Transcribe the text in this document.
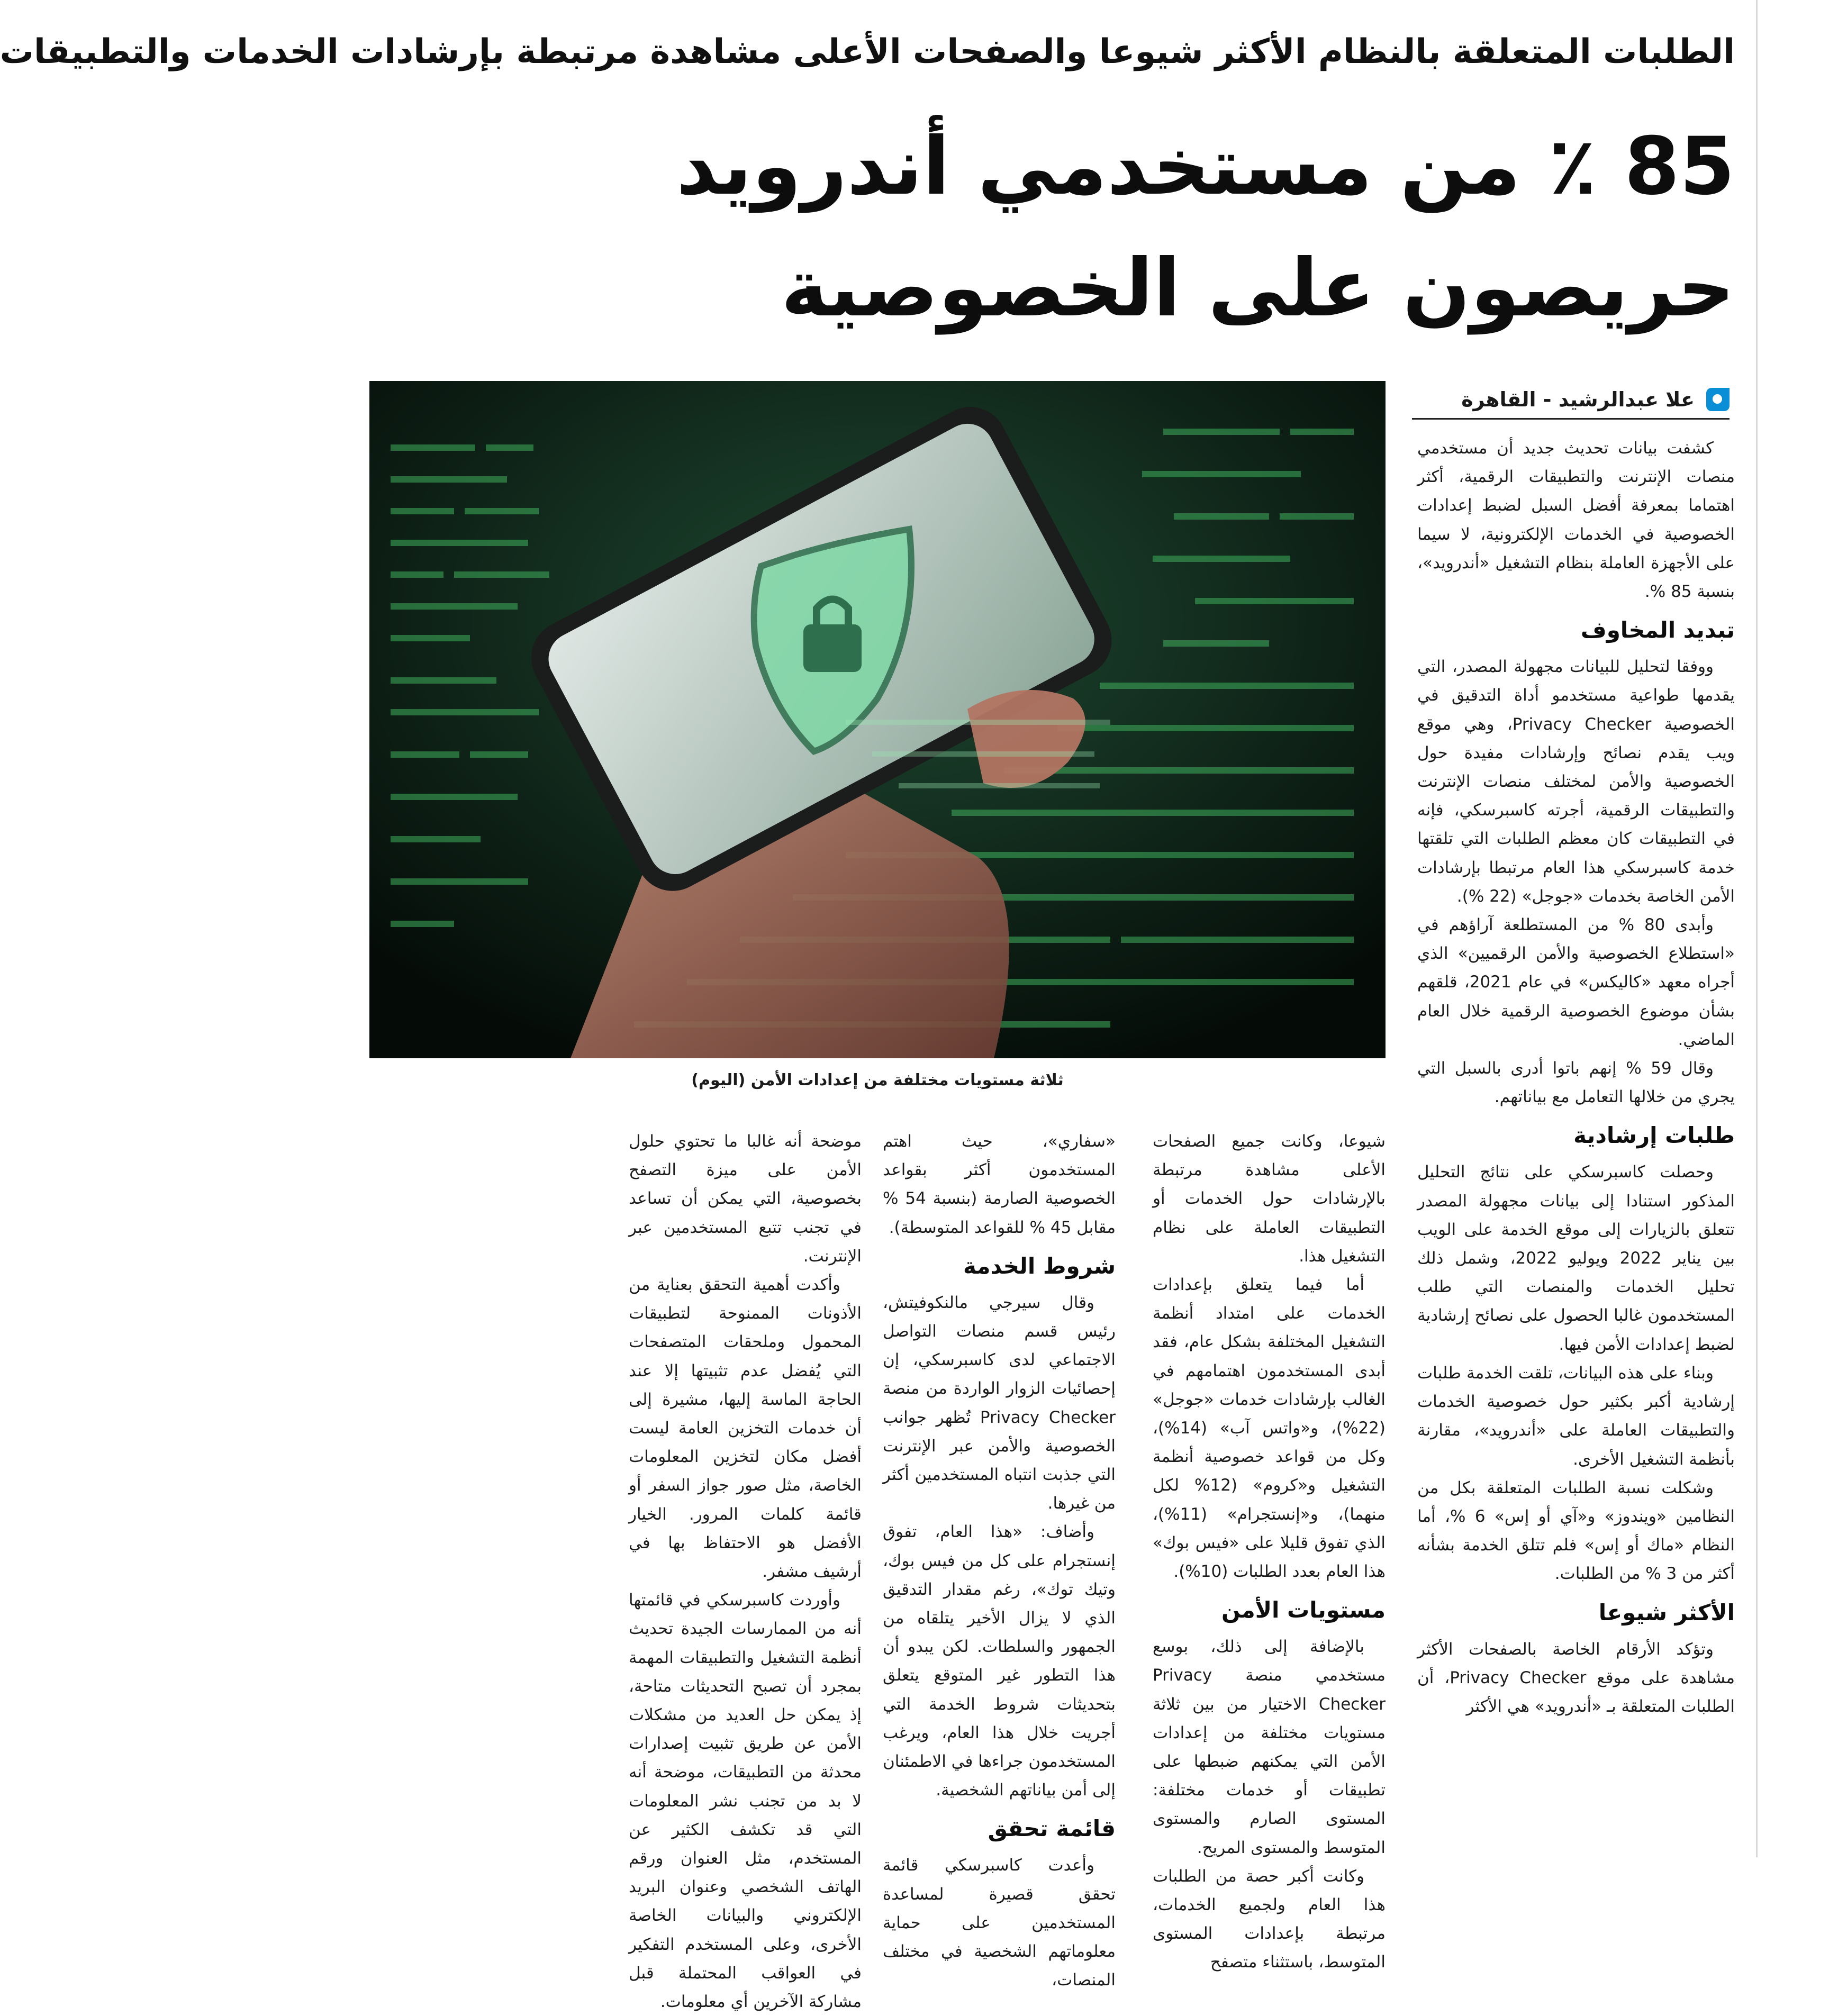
الطلبات المتعلقة بالنظام الأكثر شيوعا والصفحات الأعلى مشاهدة مرتبطة بإرشادات الخدمات والتطبيقات
85 ٪ من مستخدمي أندرويد حريصون على الخصوصية
علا عبدالرشيد - القاهرة
ثلاثة مستويات مختلفة من إعدادات الأمن (اليوم)

كشفت بيانات تحديث جديد أن مستخدمي منصات الإنترنت والتطبيقات الرقمية، أكثر اهتماما بمعرفة أفضل السبل لضبط إعدادات الخصوصية في الخدمات الإلكترونية، لا سيما على الأجهزة العاملة بنظام التشغيل «أندرويد»، بنسبة 85 %.

تبديد المخاوف

ووفقا لتحليل للبيانات مجهولة المصدر، التي يقدمها طواعية مستخدمو أداة التدقيق في الخصوصية Privacy Checker، وهي موقع ويب يقدم نصائح وإرشادات مفيدة حول الخصوصية والأمن لمختلف منصات الإنترنت والتطبيقات الرقمية، أجرته كاسبرسكي، فإنه في التطبيقات كان معظم الطلبات التي تلقتها خدمة كاسبرسكي هذا العام مرتبطا بإرشادات الأمن الخاصة بخدمات «جوجل» (22 %).

وأبدى 80 % من المستطلعة آراؤهم في «استطلاع الخصوصية والأمن الرقميين» الذي أجراه معهد «كاليكس» في عام 2021، قلقهم بشأن موضوع الخصوصية الرقمية خلال العام الماضي.

وقال 59 % إنهم باتوا أدرى بالسبل التي يجري من خلالها التعامل مع بياناتهم.

طلبات إرشادية

وحصلت كاسبرسكي على نتائج التحليل المذكور استنادا إلى بيانات مجهولة المصدر تتعلق بالزيارات إلى موقع الخدمة على الويب بين يناير 2022 ويوليو 2022، وشمل ذلك تحليل الخدمات والمنصات التي طلب المستخدمون غالبا الحصول على نصائح إرشادية لضبط إعدادات الأمن فيها.

وبناء على هذه البيانات، تلقت الخدمة طلبات إرشادية أكبر بكثير حول خصوصية الخدمات والتطبيقات العاملة على «أندرويد»، مقارنة بأنظمة التشغيل الأخرى.

وشكلت نسبة الطلبات المتعلقة بكل من النظامين «ويندوز» و«آي أو إس» 6 %، أما النظام «ماك أو إس» فلم تتلق الخدمة بشأنه أكثر من 3 % من الطلبات.

الأكثر شيوعا

وتؤكد الأرقام الخاصة بالصفحات الأكثر مشاهدة على موقع Privacy Checker، أن الطلبات المتعلقة بـ «أندرويد» هي الأكثر

شيوعا، وكانت جميع الصفحات الأعلى مشاهدة مرتبطة بالإرشادات حول الخدمات أو التطبيقات العاملة على نظام التشغيل هذا.

أما فيما يتعلق بإعدادات الخدمات على امتداد أنظمة التشغيل المختلفة بشكل عام، فقد أبدى المستخدمون اهتمامهم في الغالب بإرشادات خدمات «جوجل» (22%)، و«واتس آب» (14%)، وكل من قواعد خصوصية أنظمة التشغيل و«كروم» (12% لكل منهما)، و«إنستجرام» (11%)، الذي تفوق قليلا على «فيس بوك» هذا العام بعدد الطلبات (10%).

مستويات الأمن

بالإضافة إلى ذلك، بوسع مستخدمي منصة Privacy Checker الاختيار من بين ثلاثة مستويات مختلفة من إعدادات الأمن التي يمكنهم ضبطها على تطبيقات أو خدمات مختلفة: المستوى الصارم والمستوى المتوسط والمستوى المريح.

وكانت أكبر حصة من الطلبات هذا العام ولجميع الخدمات، مرتبطة بإعدادات المستوى المتوسط، باستثناء متصفح

«سفاري»، حيث اهتم المستخدمون أكثر بقواعد الخصوصية الصارمة (بنسبة 54 % مقابل 45 % للقواعد المتوسطة).

شروط الخدمة

وقال سيرجي مالنكوفيتش، رئيس قسم منصات التواصل الاجتماعي لدى كاسبرسكي، إن إحصائيات الزوار الواردة من منصة Privacy Checker تُظهر جوانب الخصوصية والأمن عبر الإنترنت التي جذبت انتباه المستخدمين أكثر من غيرها.

وأضاف: «هذا العام، تفوق إنستجرام على كل من فيس بوك، وتيك توك»، رغم مقدار التدقيق الذي لا يزال الأخير يتلقاه من الجمهور والسلطات. لكن يبدو أن هذا التطور غير المتوقع يتعلق بتحديثات شروط الخدمة التي أجريت خلال هذا العام، ويرغب المستخدمون جراءها في الاطمئنان إلى أمن بياناتهم الشخصية.

قائمة تحقق

وأعدت كاسبرسكي قائمة تحقق قصيرة لمساعدة المستخدمين على حماية معلوماتهم الشخصية في مختلف المنصات،

موضحة أنه غالبا ما تحتوي حلول الأمن على ميزة التصفح بخصوصية، التي يمكن أن تساعد في تجنب تتبع المستخدمين عبر الإنترنت.

وأكدت أهمية التحقق بعناية من الأذونات الممنوحة لتطبيقات المحمول وملحقات المتصفحات التي يُفضل عدم تثبيتها إلا عند الحاجة الماسة إليها، مشيرة إلى أن خدمات التخزين العامة ليست أفضل مكان لتخزين المعلومات الخاصة، مثل صور جواز السفر أو قائمة كلمات المرور. الخيار الأفضل هو الاحتفاظ بها في أرشيف مشفر.

وأوردت كاسبرسكي في قائمتها أنه من الممارسات الجيدة تحديث أنظمة التشغيل والتطبيقات المهمة بمجرد أن تصبح التحديثات متاحة، إذ يمكن حل العديد من مشكلات الأمن عن طريق تثبيت إصدارات محدثة من التطبيقات، موضحة أنه لا بد من تجنب نشر المعلومات التي قد تكشف الكثير عن المستخدم، مثل العنوان ورقم الهاتف الشخصي وعنوان البريد الإلكتروني والبيانات الخاصة الأخرى، وعلى المستخدم التفكير في العواقب المحتملة قبل مشاركة الآخرين أي معلومات.
